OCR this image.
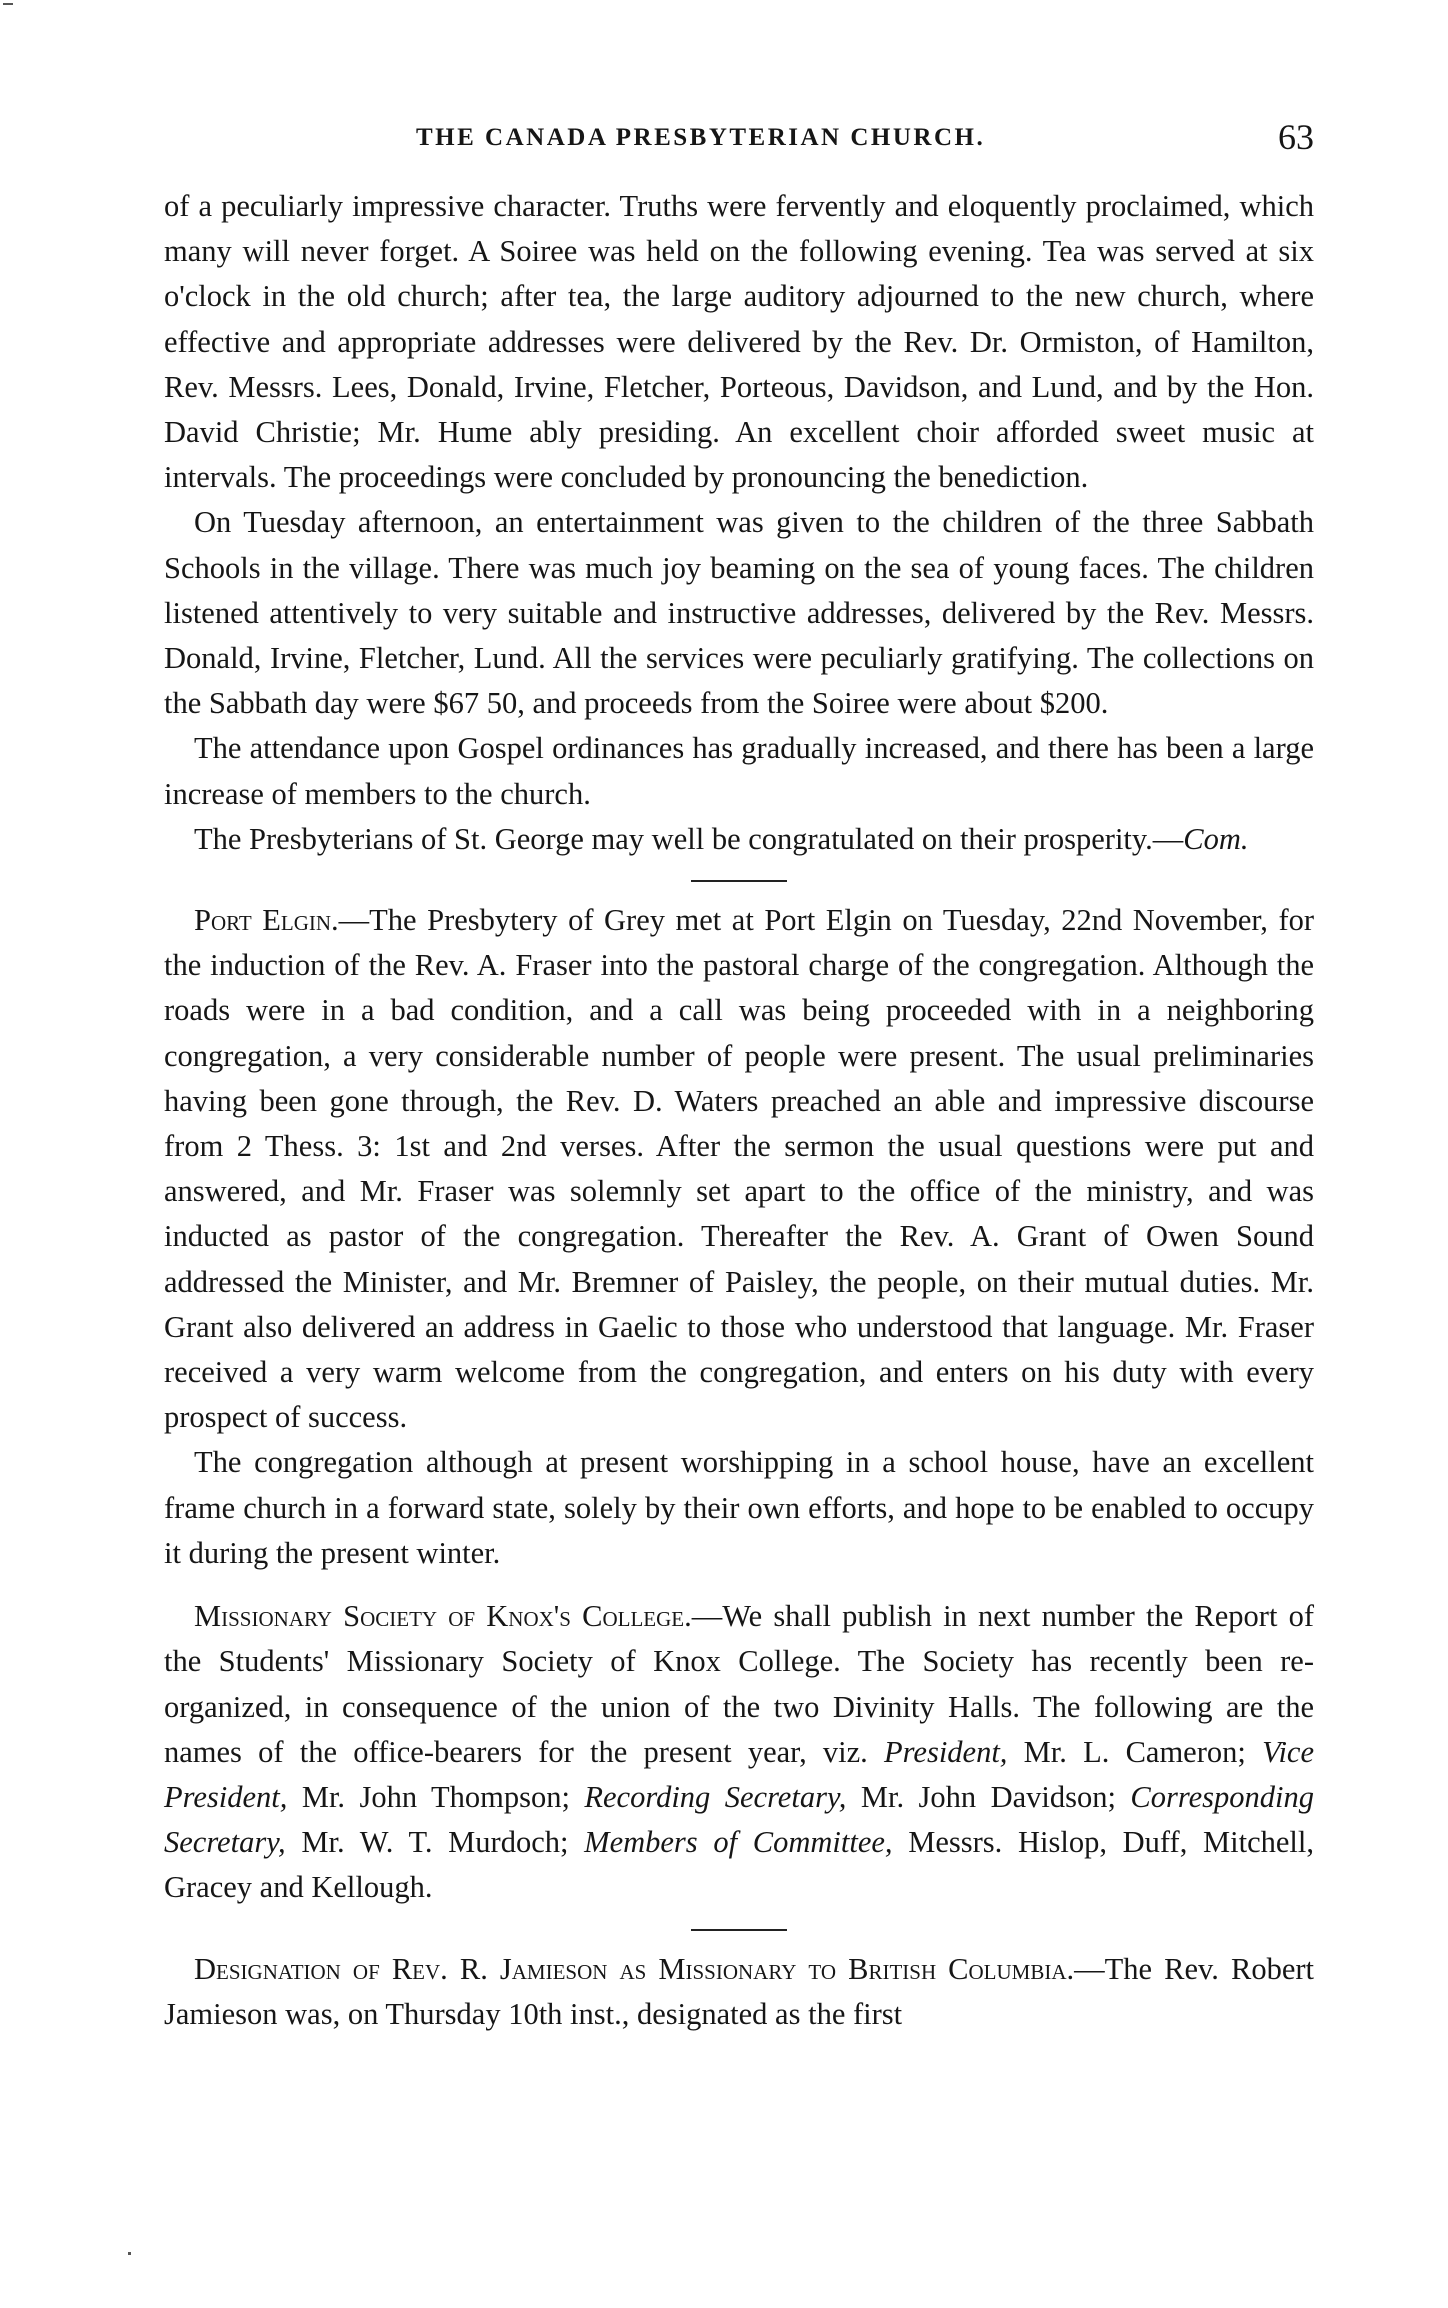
THE CANADA PRESBYTERIAN CHURCH.	63

of a peculiarly impressive character. Truths were fervently and eloquently proclaimed, which many will never forget. A Soiree was held on the following evening. Tea was served at six o'clock in the old church; after tea, the large auditory adjourned to the new church, where effective and appropriate addresses were delivered by the Rev. Dr. Ormiston, of Hamilton, Rev. Messrs. Lees, Donald, Irvine, Fletcher, Porteous, Davidson, and Lund, and by the Hon. David Christie; Mr. Hume ably presiding. An excellent choir afforded sweet music at intervals. The proceedings were concluded by pronouncing the benediction.

On Tuesday afternoon, an entertainment was given to the children of the three Sabbath Schools in the village. There was much joy beaming on the sea of young faces. The children listened attentively to very suitable and instructive addresses, delivered by the Rev. Messrs. Donald, Irvine, Fletcher, Lund. All the services were peculiarly gratifying. The collections on the Sabbath day were $67 50, and proceeds from the Soiree were about $200.

The attendance upon Gospel ordinances has gradually increased, and there has been a large increase of members to the church.

The Presbyterians of St. George may well be congratulated on their prosperity.—Com.

Port Elgin.—The Presbytery of Grey met at Port Elgin on Tuesday, 22nd November, for the induction of the Rev. A. Fraser into the pastoral charge of the congregation. Although the roads were in a bad condition, and a call was being proceeded with in a neighboring congregation, a very considerable number of people were present. The usual preliminaries having been gone through, the Rev. D. Waters preached an able and impressive discourse from 2 Thess. 3: 1st and 2nd verses. After the sermon the usual questions were put and answered, and Mr. Fraser was solemnly set apart to the office of the ministry, and was inducted as pastor of the congregation. Thereafter the Rev. A. Grant of Owen Sound addressed the Minister, and Mr. Bremner of Paisley, the people, on their mutual duties. Mr. Grant also delivered an address in Gaelic to those who understood that language. Mr. Fraser received a very warm welcome from the congregation, and enters on his duty with every prospect of success.

The congregation although at present worshipping in a school house, have an excellent frame church in a forward state, solely by their own efforts, and hope to be enabled to occupy it during the present winter.

Missionary Society of Knox's College.—We shall publish in next number the Report of the Students' Missionary Society of Knox College. The Society has recently been re-organized, in consequence of the union of the two Divinity Halls. The following are the names of the office-bearers for the present year, viz. President, Mr. L. Cameron; Vice President, Mr. John Thompson; Recording Secretary, Mr. John Davidson; Corresponding Secretary, Mr. W. T. Murdoch; Members of Committee, Messrs. Hislop, Duff, Mitchell, Gracey and Kellough.

Designation of Rev. R. Jamieson as Missionary to British Columbia.—The Rev. Robert Jamieson was, on Thursday 10th inst., designated as the first
